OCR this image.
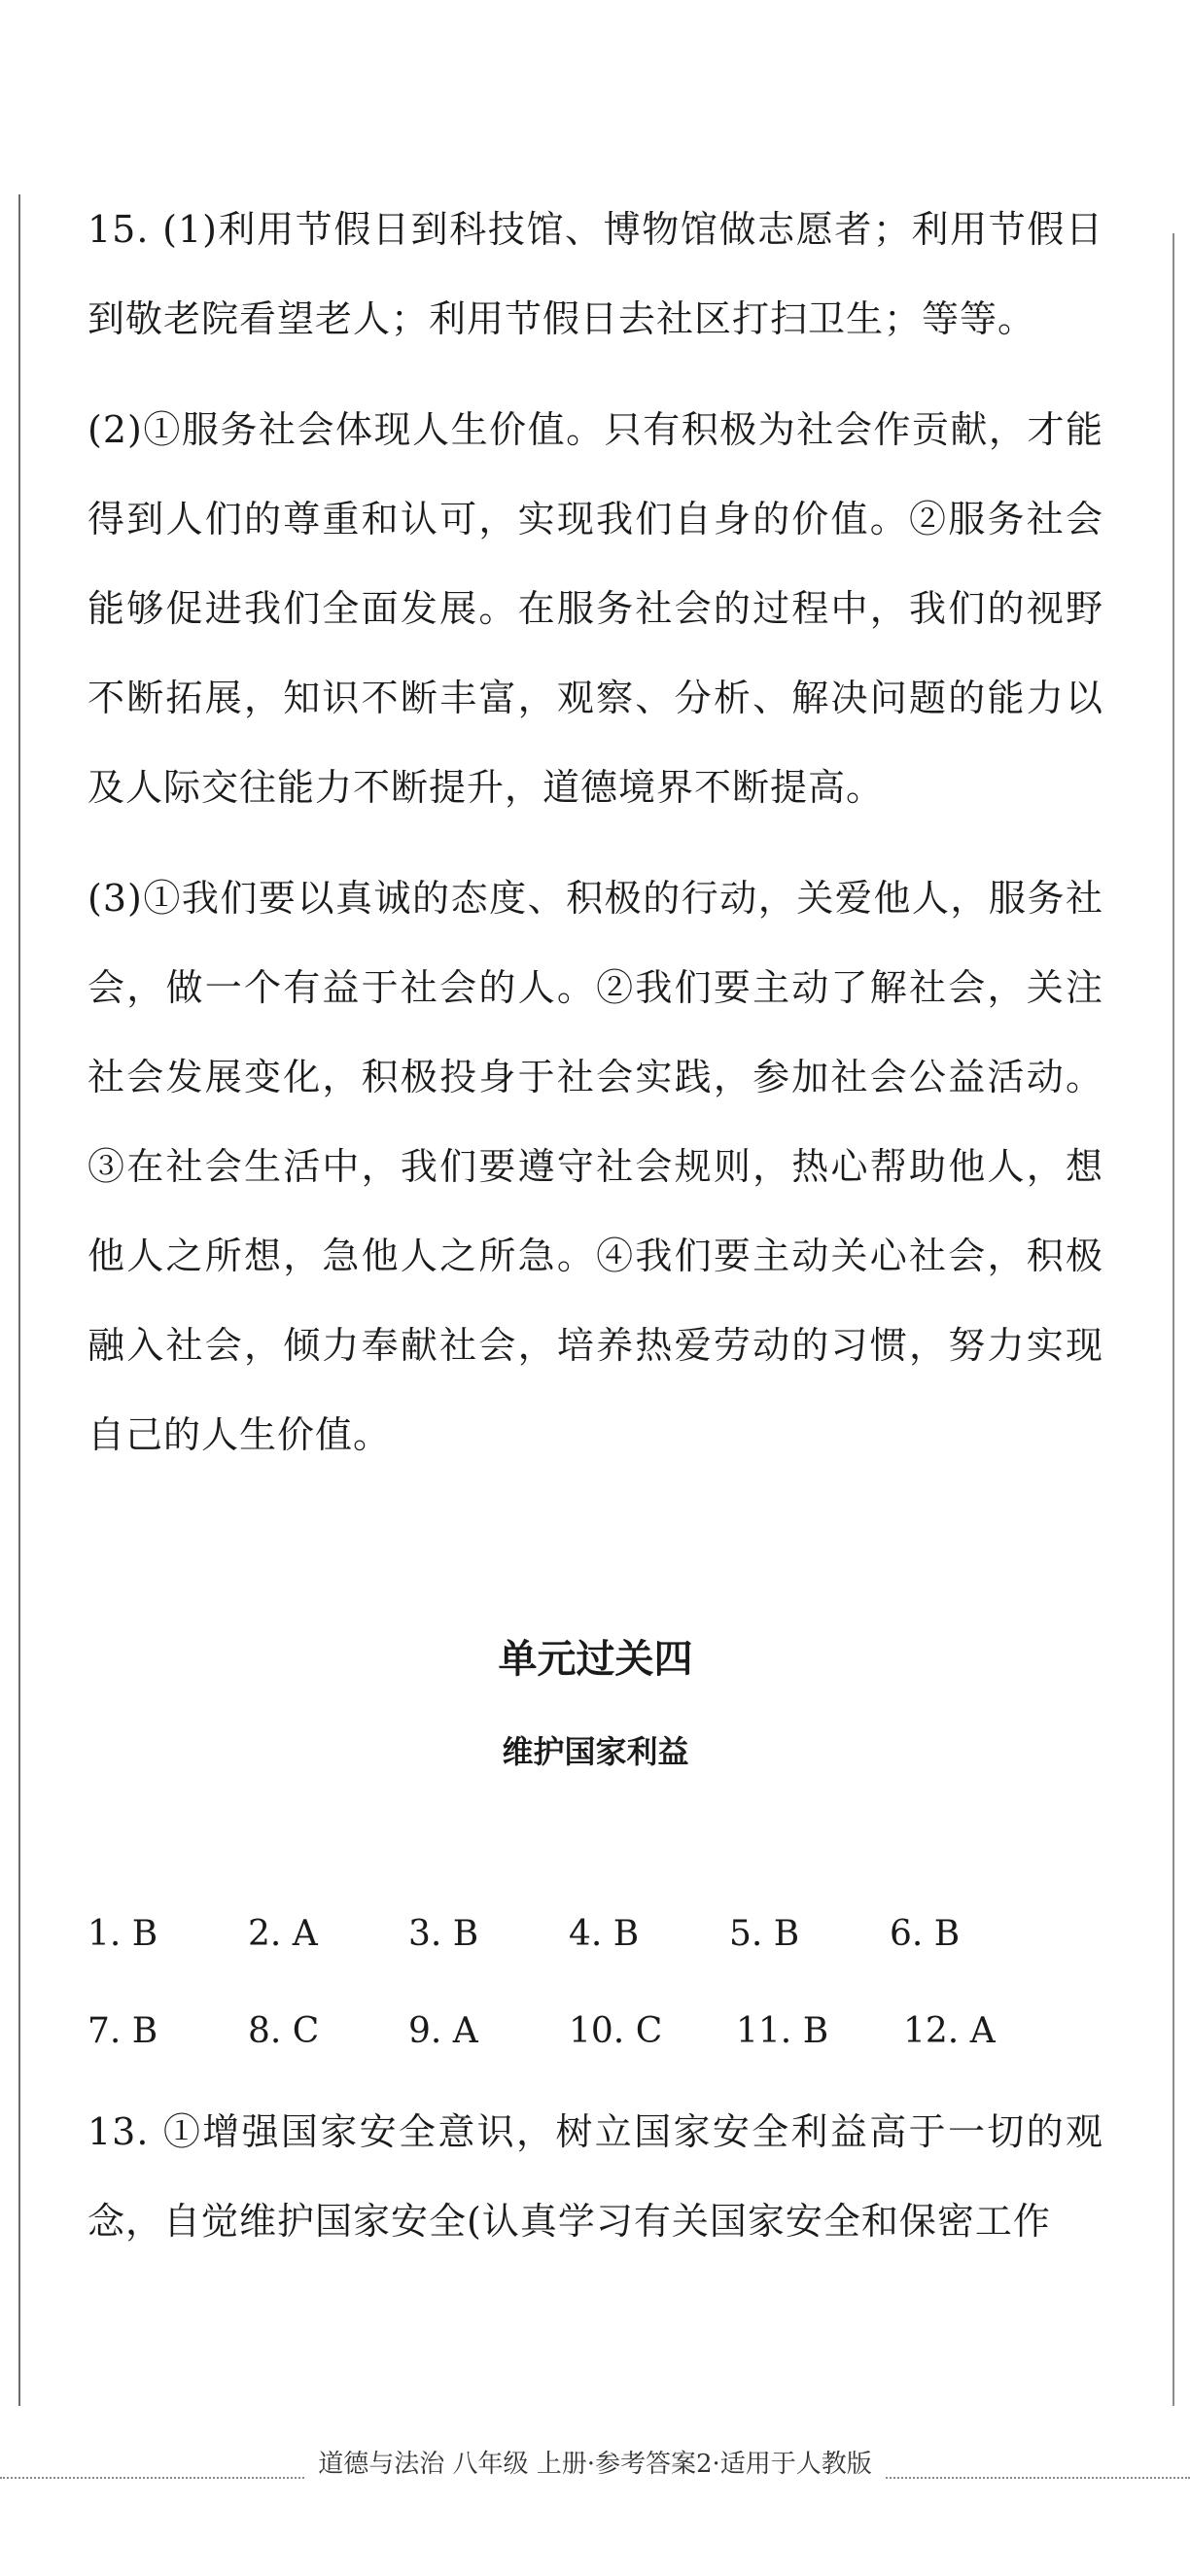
15. (1)利用节假日到科技馆、博物馆做志愿者；利用节假日到敬老院看望老人；利用节假日去社区打扫卫生；等等。

(2)①服务社会体现人生价值。只有积极为社会作贡献，才能得到人们的尊重和认可，实现我们自身的价值。②服务社会能够促进我们全面发展。在服务社会的过程中，我们的视野不断拓展，知识不断丰富，观察、分析、解决问题的能力以及人际交往能力不断提升，道德境界不断提高。

(3)①我们要以真诚的态度、积极的行动，关爱他人，服务社会，做一个有益于社会的人。②我们要主动了解社会，关注社会发展变化，积极投身于社会实践，参加社会公益活动。③在社会生活中，我们要遵守社会规则，热心帮助他人，想他人之所想，急他人之所急。④我们要主动关心社会，积极融入社会，倾力奉献社会，培养热爱劳动的习惯，努力实现自己的人生价值。

单元过关四
维护国家利益
1. B	2. A	3. B	4. B	5. B	6. B
7. B	8. C	9. A	10. C	11. B	12. A

13. ①增强国家安全意识，树立国家安全利益高于一切的观念，自觉维护国家安全(认真学习有关国家安全和保密工作

道德与法治 八年级 上册·参考答案2·适用于人教版
